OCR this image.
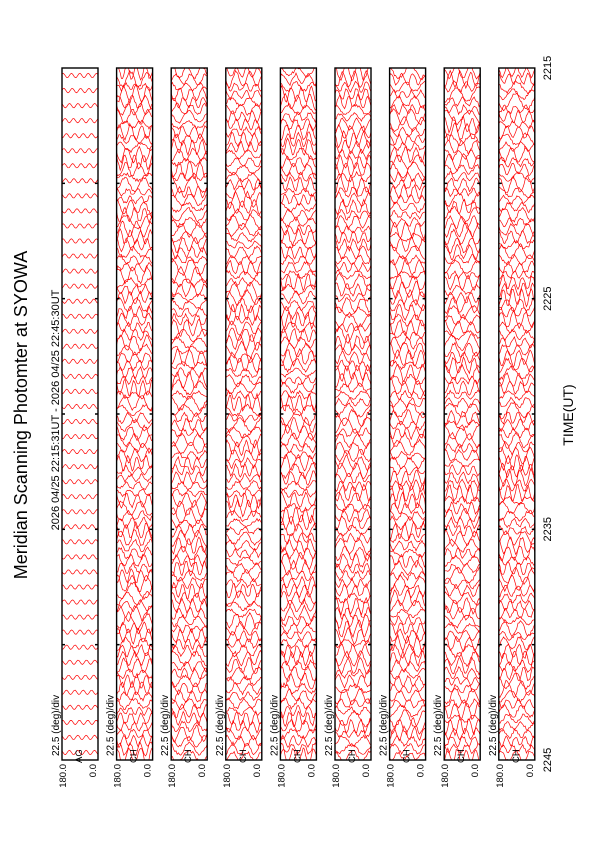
Meridian Scanning Photomter at SYOWA 2026 04/25 22:15:31UT - 2026 04/25 22:45:30UT	TIME(UT)
22.5 (deg)/div
180.0 0.0
AG
22.5 (deg)/div
180.0 0.0
CH
22.5 (deg)/div
180.0 0.0
CH
22.5 (deg)/div
180.0 0.0
CH
22.5 (deg)/div
180.0 0.0
CH
22.5 (deg)/div
180.0 0.0
CH
22.5 (deg)/div
180.0 0.0
CH
22.5 (deg)/div
180.0 0.0
CH
22.5 (deg)/div
180.0 0.0
CH
2215
2225
2235
2245
